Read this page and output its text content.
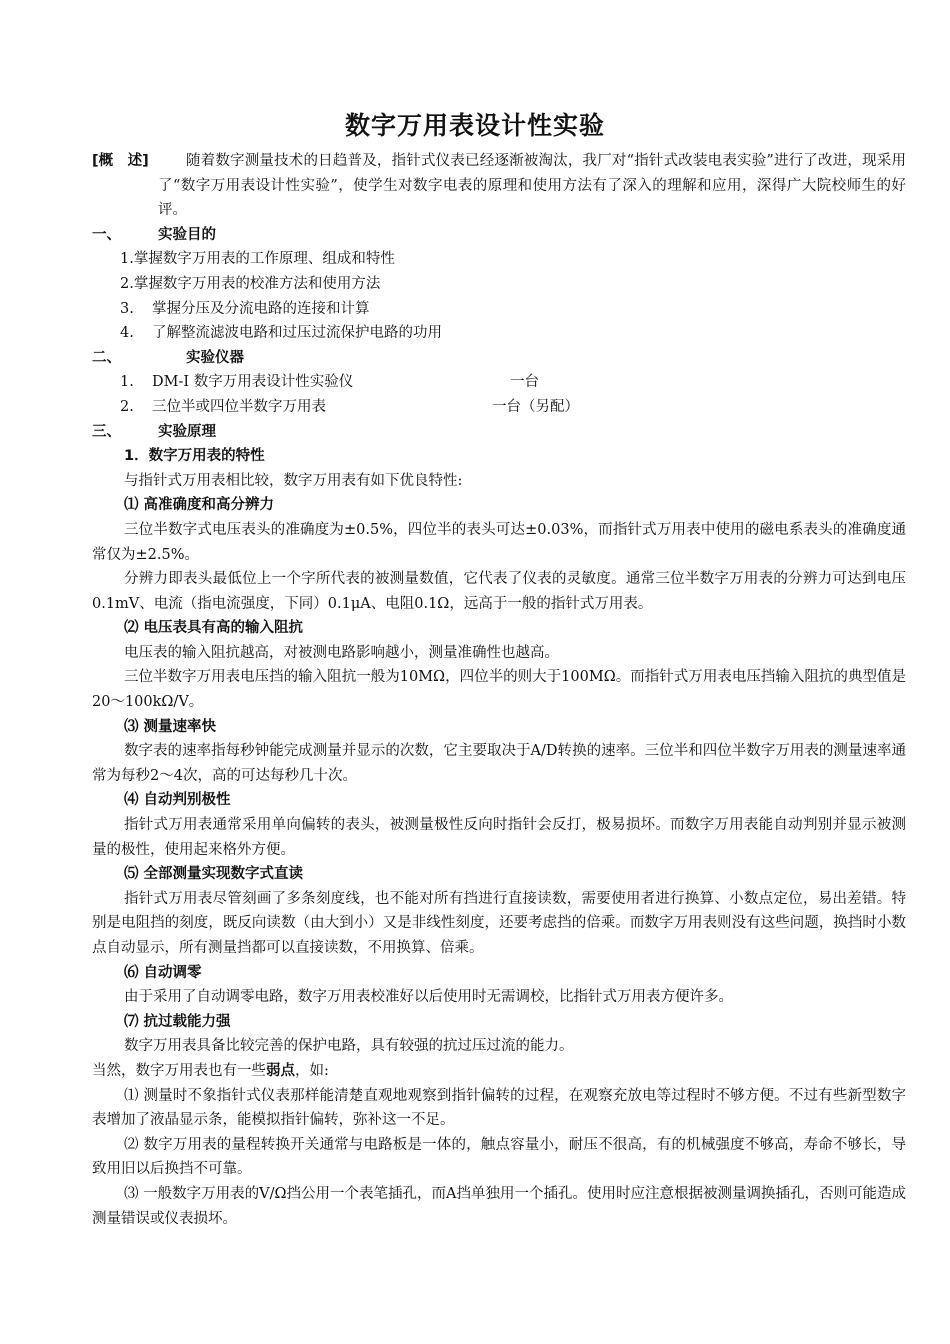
数字万用表设计性实验
[概　述]	随着数字测量技术的日趋普及，指针式仪表已经逐渐被淘汰，我厂对“指针式改装电表实验”进行了改进，现采用了“数字万用表设计性实验”，使学生对数字电表的原理和使用方法有了深入的理解和应用，深得广大院校师生的好评。
一、	实验目的
1.掌握数字万用表的工作原理、组成和特性
2.掌握数字万用表的校准方法和使用方法
3. 掌握分压及分流电路的连接和计算
4. 了解整流滤波电路和过压过流保护电路的功用
二、	实验仪器
1. DM-Ⅰ 数字万用表设计性实验仪	一台
2. 三位半或四位半数字万用表	一台（另配）
三、	实验原理
1．数字万用表的特性
与指针式万用表相比较，数字万用表有如下优良特性:
⑴ 高准确度和高分辨力
三位半数字式电压表头的准确度为±0.5%，四位半的表头可达±0.03%，而指针式万用表中使用的磁电系表头的准确度通常仅为±2.5%。
分辨力即表头最低位上一个字所代表的被测量数值，它代表了仪表的灵敏度。通常三位半数字万用表的分辨力可达到电压0.1mV、电流（指电流强度，下同）0.1μA、电阻0.1Ω，远高于一般的指针式万用表。
⑵ 电压表具有高的输入阻抗
电压表的输入阻抗越高，对被测电路影响越小，测量准确性也越高。
三位半数字万用表电压挡的输入阻抗一般为10MΩ，四位半的则大于100MΩ。而指针式万用表电压挡输入阻抗的典型值是20～100kΩ/V。
⑶ 测量速率快
数字表的速率指每秒钟能完成测量并显示的次数，它主要取决于A/D转换的速率。三位半和四位半数字万用表的测量速率通常为每秒2～4次，高的可达每秒几十次。
⑷ 自动判别极性
指针式万用表通常采用单向偏转的表头，被测量极性反向时指针会反打，极易损坏。而数字万用表能自动判别并显示被测量的极性，使用起来格外方便。
⑸ 全部测量实现数字式直读
指针式万用表尽管刻画了多条刻度线，也不能对所有挡进行直接读数，需要使用者进行换算、小数点定位，易出差错。特别是电阻挡的刻度，既反向读数（由大到小）又是非线性刻度，还要考虑挡的倍乘。而数字万用表则没有这些问题，换挡时小数点自动显示，所有测量挡都可以直接读数，不用换算、倍乘。
⑹ 自动调零
由于采用了自动调零电路，数字万用表校准好以后使用时无需调校，比指针式万用表方便许多。
⑺ 抗过载能力强
数字万用表具备比较完善的保护电路，具有较强的抗过压过流的能力。
当然，数字万用表也有一些弱点，如:
⑴ 测量时不象指针式仪表那样能清楚直观地观察到指针偏转的过程，在观察充放电等过程时不够方便。不过有些新型数字表增加了液晶显示条，能模拟指针偏转，弥补这一不足。
⑵ 数字万用表的量程转换开关通常与电路板是一体的，触点容量小，耐压不很高，有的机械强度不够高，寿命不够长，导致用旧以后换挡不可靠。
⑶ 一般数字万用表的V/Ω挡公用一个表笔插孔，而A挡单独用一个插孔。使用时应注意根据被测量调换插孔，否则可能造成测量错误或仪表损坏。
